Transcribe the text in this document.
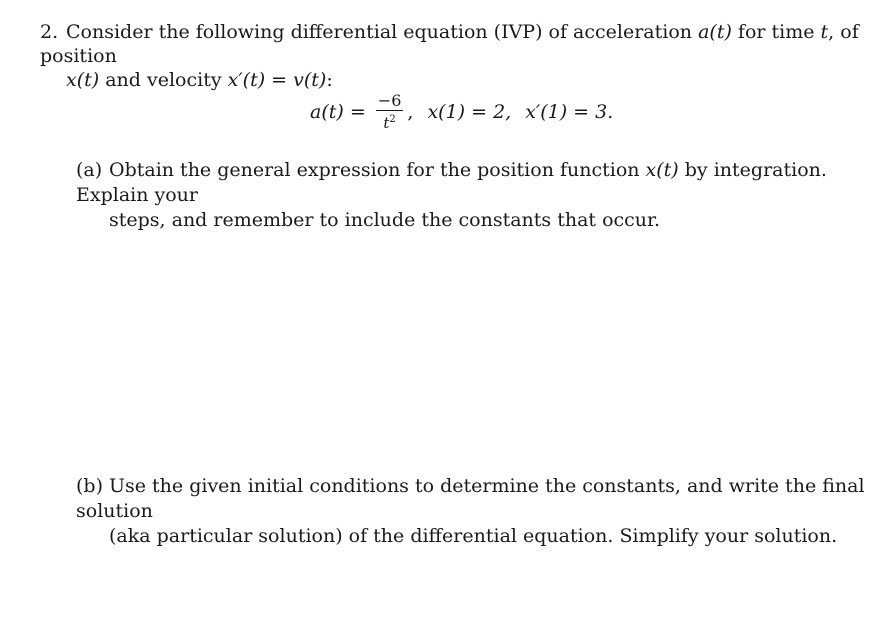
2. Consider the following differential equation (IVP) of acceleration a(t) for time t, of position
x(t) and velocity x′(t) = v(t):
$a(t) = \frac{-6}{t^2}$ , x(1) = 2, x′(1) = 3.
(a) Obtain the general expression for the position function x(t) by integration. Explain your
steps, and remember to include the constants that occur.
(b) Use the given initial conditions to determine the constants, and write the final solution
(aka particular solution) of the differential equation. Simplify your solution.
